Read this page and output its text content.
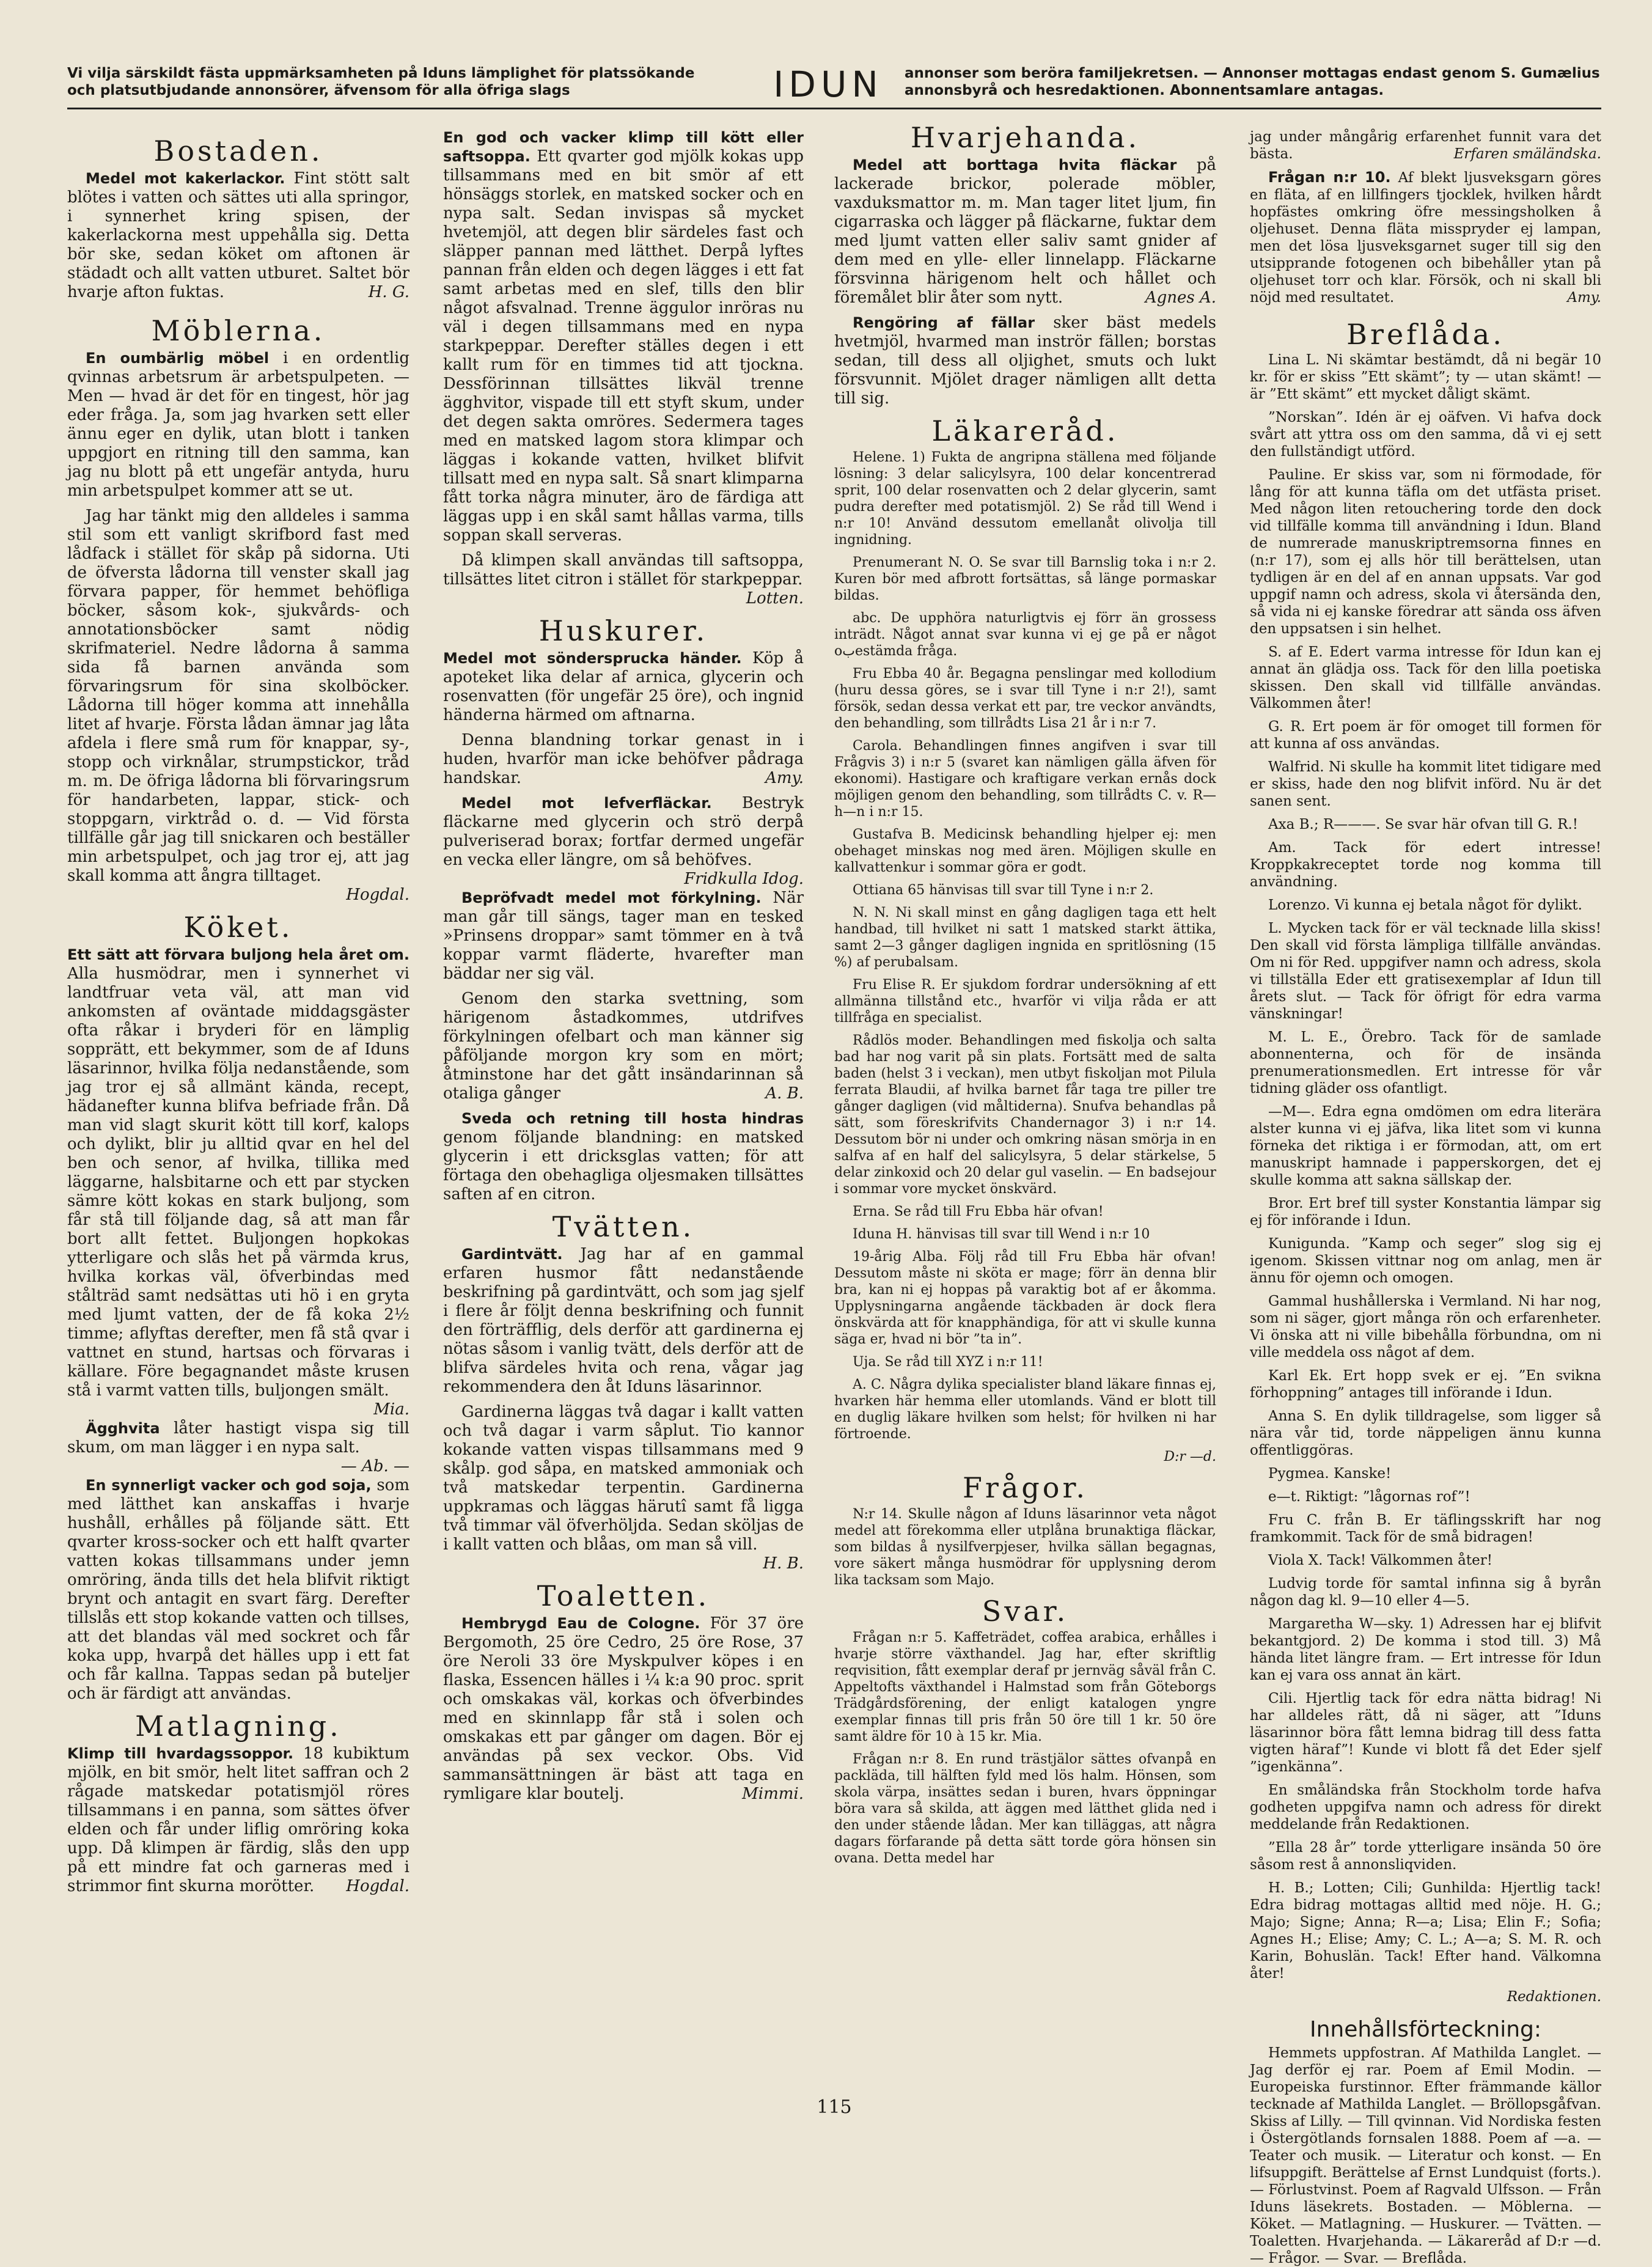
Vi vilja särskildt fästa uppmärksamheten på Iduns lämplighet för platssökande och platsutbjudande annonsörer, äfvensom för alla öfriga slags	IDUN	annonser som beröra familjekretsen. — Annonser mottagas endast genom S. Gumælius annonsbyrå och hesredaktionen. Abonnentsamlare antagas.
Bostaden.

Medel mot kakerlackor. Fint stött salt blötes i vatten och sättes uti alla springor, i synnerhet kring spisen, der kakerlackorna mest uppehålla sig. Detta bör ske, sedan köket om aftonen är städadt och allt vatten utburet. Saltet bör hvarje afton fuktas.	H. G.

Möblerna.

En oumbärlig möbel i en ordentlig qvinnas arbetsrum är arbetspulpeten. — Men — hvad är det för en tingest, hör jag eder fråga. Ja, som jag hvarken sett eller ännu eger en dylik, utan blott i tanken uppgjort en ritning till den samma, kan jag nu blott på ett ungefär antyda, huru min arbetspulpet kommer att se ut.

Jag har tänkt mig den alldeles i samma stil som ett vanligt skrifbord fast med lådfack i stället för skåp på sidorna. Uti de öfversta lådorna till venster skall jag förvara papper, för hemmet behöfliga böcker, såsom kok-, sjukvårds- och annotationsböcker samt nödig skrifmateriel. Nedre lådorna å samma sida få barnen använda som förvaringsrum för sina skolböcker. Lådorna till höger komma att innehålla litet af hvarje. Första lådan ämnar jag låta afdela i flere små rum för knappar, sy-, stopp och virknålar, strumpstickor, tråd m. m. De öfriga lådorna bli förvaringsrum för handarbeten, lappar, stick- och stoppgarn, virktråd o. d. — Vid första tillfälle går jag till snickaren och beställer min arbetspulpet, och jag tror ej, att jag skall komma att ångra tilltaget.
Hogdal.

Köket.

Ett sätt att förvara buljong hela året om. Alla husmödrar, men i synnerhet vi landtfruar veta väl, att man vid ankomsten af oväntade middagsgäster ofta råkar i bryderi för en lämplig sopprätt, ett bekymmer, som de af Iduns läsarinnor, hvilka följa nedanstående, som jag tror ej så allmänt kända, recept, hädanefter kunna blifva befriade från. Då man vid slagt skurit kött till korf, kalops och dylikt, blir ju alltid qvar en hel del ben och senor, af hvilka, tillika med läggarne, halsbitarne och ett par stycken sämre kött kokas en stark buljong, som får stå till följande dag, så att man får bort allt fettet. Buljongen hopkokas ytterligare och slås het på värmda krus, hvilka korkas väl, öfverbindas med stålträd samt nedsättas uti hö i en gryta med ljumt vatten, der de få koka 2½ timme; aflyftas derefter, men få stå qvar i vattnet en stund, hartsas och förvaras i källare. Före begagnandet måste krusen stå i varmt vatten tills, buljongen smält.
Mia.

Ägghvita låter hastigt vispa sig till skum, om man lägger i en nypa salt.
— Ab. —

En synnerligt vacker och god soja, som med lätthet kan anskaffas i hvarje hushåll, erhålles på följande sätt. Ett qvarter kross-socker och ett halft qvarter vatten kokas tillsammans under jemn omröring, ända tills det hela blifvit riktigt brynt och antagit en svart färg. Derefter tillslås ett stop kokande vatten och tillses, att det blandas väl med sockret och får koka upp, hvarpå det hälles upp i ett fat och får kallna. Tappas sedan på buteljer och är färdigt att användas.

Matlagning.

Klimp till hvardagssoppor. 18 kubiktum mjölk, en bit smör, helt litet saffran och 2 rågade matskedar potatismjöl röres tillsammans i en panna, som sättes öfver elden och får under liflig omröring koka upp. Då klimpen är färdig, slås den upp på ett mindre fat och garneras med i strimmor fint skurna morötter.	Hogdal.

En god och vacker klimp till kött eller saftsoppa. Ett qvarter god mjölk kokas upp tillsammans med en bit smör af ett hönsäggs storlek, en matsked socker och en nypa salt. Sedan invispas så mycket hvetemjöl, att degen blir särdeles fast och släpper pannan med lätthet. Derpå lyftes pannan från elden och degen lägges i ett fat samt arbetas med en slef, tills den blir något afsvalnad. Trenne äggulor inröras nu väl i degen tillsammans med en nypa starkpeppar. Derefter ställes degen i ett kallt rum för en timmes tid att tjockna. Dessförinnan tillsättes likväl trenne ägghvitor, vispade till ett styft skum, under det degen sakta omröres. Sedermera tages med en matsked lagom stora klimpar och läggas i kokande vatten, hvilket blifvit tillsatt med en nypa salt. Så snart klimparna fått torka några minuter, äro de färdiga att läggas upp i en skål samt hållas varma, tills soppan skall serveras.

Då klimpen skall användas till saftsoppa, tillsättes litet citron i stället för starkpeppar.
Lotten.

Huskurer.

Medel mot söndersprucka händer. Köp å apoteket lika delar af arnica, glycerin och rosenvatten (för ungefär 25 öre), och ingnid händerna härmed om aftnarna.

Denna blandning torkar genast in i huden, hvarför man icke behöfver pådraga handskar.	Amy.

Medel mot lefverfläckar. Bestryk fläckarne med glycerin och strö derpå pulveriserad borax; fortfar dermed ungefär en vecka eller längre, om så behöfves.
Fridkulla Idog.

Bepröfvadt medel mot förkylning. När man går till sängs, tager man en tesked »Prinsens droppar» samt tömmer en à två koppar varmt fläderte, hvarefter man bäddar ner sig väl.

Genom den starka svettning, som härigenom åstadkommes, utdrifves förkylningen ofelbart och man känner sig påföljande morgon kry som en mört; åtminstone har det gått insändarinnan så otaliga gånger	A. B.

Sveda och retning till hosta hindras genom följande blandning: en matsked glycerin i ett dricksglas vatten; för att förtaga den obehagliga oljesmaken tillsättes saften af en citron.

Tvätten.

Gardintvätt. Jag har af en gammal erfaren husmor fått nedanstående beskrifning på gardintvätt, och som jag sjelf i flere år följt denna beskrifning och funnit den förträfflig, dels derför att gardinerna ej nötas såsom i vanlig tvätt, dels derför att de blifva särdeles hvita och rena, vågar jag rekommendera den åt Iduns läsarinnor.

Gardinerna läggas två dagar i kallt vatten och två dagar i varm såplut. Tio kannor kokande vatten vispas tillsammans med 9 skålp. god såpa, en matsked ammoniak och två matskedar terpentin. Gardinerna uppkramas och läggas härutî samt få ligga två timmar väl öfverhöljda. Sedan sköljas de i kallt vatten och blåas, om man så vill.
H. B.

Toaletten.

Hembrygd Eau de Cologne. För 37 öre Bergomoth, 25 öre Cedro, 25 öre Rose, 37 öre Neroli 33 öre Myskpulver köpes i en flaska, Essencen hälles i ¼ k:a 90 proc. sprit och omskakas väl, korkas och öfverbindes med en skinnlapp får stå i solen och omskakas ett par gånger om dagen. Bör ej användas på sex veckor. Obs. Vid sammansättningen är bäst att taga en rymligare klar boutelj.	Mimmi.

Hvarjehanda.

Medel att borttaga hvita fläckar på lackerade brickor, polerade möbler, vaxduksmattor m. m. Man tager litet ljum, fin cigarraska och lägger på fläckarne, fuktar dem med ljumt vatten eller saliv samt gnider af dem med en ylle- eller linnelapp. Fläckarne försvinna härigenom helt och hållet och föremålet blir åter som nytt.	Agnes A.

Rengöring af fällar sker bäst medels hvetmjöl, hvarmed man inströr fällen; borstas sedan, till dess all oljighet, smuts och lukt försvunnit. Mjölet drager nämligen allt detta till sig.

Läkareråd.

Helene. 1) Fukta de angripna ställena med följande lösning: 3 delar salicylsyra, 100 delar koncentrerad sprit, 100 delar rosenvatten och 2 delar glycerin, samt pudra derefter med potatismjöl. 2) Se råd till Wend i n:r 10! Använd dessutom emellanåt olivolja till ingnidning.

Prenumerant N. O. Se svar till Barnslig toka i n:r 2. Kuren bör med afbrott fortsättas, så länge pormaskar bildas.

abc. De upphöra naturligtvis ej förr än grossess inträdt. Något annat svar kunna vi ej ge på er något oبestämda fråga.

Fru Ebba 40 år. Begagna penslingar med kollodium (huru dessa göres, se i svar till Tyne i n:r 2!), samt försök, sedan dessa verkat ett par, tre veckor användts, den behandling, som tillrådts Lisa 21 år i n:r 7.

Carola. Behandlingen finnes angifven i svar till Frågvis 3) i n:r 5 (svaret kan nämligen gälla äfven för ekonomi). Hastigare och kraftigare verkan ernås dock möjligen genom den behandling, som tillrådts C. v. R—h—n i n:r 15.

Gustafva B. Medicinsk behandling hjelper ej: men obehaget minskas nog med ären. Möjligen skulle en kallvattenkur i sommar göra er godt.

Ottiana 65 hänvisas till svar till Tyne i n:r 2.

N. N. Ni skall minst en gång dagligen taga ett helt handbad, till hvilket ni satt 1 matsked starkt ättika, samt 2—3 gånger dagligen ingnida en spritlösning (15 %) af perubalsam.

Fru Elise R. Er sjukdom fordrar undersökning af ett allmänna tillstånd etc., hvarför vi vilja råda er att tillfråga en specialist.

Rådlös moder. Behandlingen med fiskolja och salta bad har nog varit på sin plats. Fortsätt med de salta baden (helst 3 i veckan), men utbyt fiskoljan mot Pilula ferrata Blaudii, af hvilka barnet får taga tre piller tre gånger dagligen (vid måltiderna). Snufva behandlas på sätt, som föreskrifvits Chandernagor 3) i n:r 14. Dessutom bör ni under och omkring näsan smörja in en salfva af en half del salicylsyra, 5 delar stärkelse, 5 delar zinkoxid och 20 delar gul vaselin. — En badsejour i sommar vore mycket önskvärd.

Erna. Se råd till Fru Ebba här ofvan!

Iduna H. hänvisas till svar till Wend i n:r 10

19-årig Alba. Följ råd till Fru Ebba här ofvan! Dessutom måste ni sköta er mage; förr än denna blir bra, kan ni ej hoppas på varaktig bot af er åkomma. Upplysningarna angående täckbaden är dock flera önskvärda att för knapphändiga, för att vi skulle kunna säga er, hvad ni bör ”ta in”.

Uja. Se råd till XYZ i n:r 11!

A. C. Några dylika specialister bland läkare finnas ej, hvarken här hemma eller utomlands. Vänd er blott till en duglig läkare hvilken som helst; för hvilken ni har förtroende.

D:r —d.
Frågor.

N:r 14. Skulle någon af Iduns läsarinnor veta något medel att förekomma eller utplåna brunaktiga fläckar, som bildas å nysilfverpjeser, hvilka sällan begagnas, vore säkert många husmödrar för upplysning derom lika tacksam som Majo.

Svar.

Frågan n:r 5. Kaffeträdet, coffea arabica, erhålles i hvarje större växthandel. Jag har, efter skriftlig reqvisition, fått exemplar deraf pr jernväg såväl från C. Appeltofts växthandel i Halmstad som från Göteborgs Trädgårdsförening, der enligt katalogen yngre exemplar finnas till pris från 50 öre till 1 kr. 50 öre samt äldre för 10 à 15 kr. Mia.

Frågan n:r 8. En rund trästjälor sättes ofvanpå en packläda, till hälften fyld med lös halm. Hönsen, som skola värpa, insättes sedan i buren, hvars öppningar böra vara så skilda, att äggen med lätthet glida ned i den under stående lådan. Mer kan tilläggas, att några dagars förfarande på detta sätt torde göra hönsen sin ovana. Detta medel har

jag under mångårig erfarenhet funnit vara det bästa.	Erfaren smäländska.

Frågan n:r 10. Af blekt ljusveksgarn göres en fläta, af en lillfingers tjocklek, hvilken hårdt hopfästes omkring öfre messingsholken å oljehuset. Denna fläta misspryder ej lampan, men det lösa ljusveksgarnet suger till sig den utsipprande fotogenen och bibehåller ytan på oljehuset torr och klar. Försök, och ni skall bli nöjd med resultatet.	Amy.

Breflåda.

Lina L. Ni skämtar bestämdt, då ni begär 10 kr. för er skiss ”Ett skämt”; ty — utan skämt! — är ”Ett skämt” ett mycket dåligt skämt.

”Norskan”. Idén är ej oäfven. Vi hafva dock svårt att yttra oss om den samma, då vi ej sett den fullständigt utförd.

Pauline. Er skiss var, som ni förmodade, för lång för att kunna täfla om det utfästa priset. Med någon liten retouchering torde den dock vid tillfälle komma till användning i Idun. Bland de numrerade manuskriptremsorna finnes en (n:r 17), som ej alls hör till berättelsen, utan tydligen är en del af en annan uppsats. Var god uppgif namn och adress, skola vi återsända den, så vida ni ej kanske föredrar att sända oss äfven den uppsatsen i sin helhet.

S. af E. Edert varma intresse för Idun kan ej annat än glädja oss. Tack för den lilla poetiska skissen. Den skall vid tillfälle användas. Välkommen åter!

G. R. Ert poem är för omoget till formen för att kunna af oss användas.

Walfrid. Ni skulle ha kommit litet tidigare med er skiss, hade den nog blifvit införd. Nu är det sanen sent.

Axa B.; R———. Se svar här ofvan till G. R.!

Am. Tack för edert intresse! Kroppkakreceptet torde nog komma till användning.

Lorenzo. Vi kunna ej betala något för dylikt.

L. Mycken tack för er väl tecknade lilla skiss! Den skall vid första lämpliga tillfälle användas. Om ni för Red. uppgifver namn och adress, skola vi tillställa Eder ett gratisexemplar af Idun till årets slut. — Tack för öfrigt för edra varma vänskningar!

M. L. E., Örebro. Tack för de samlade abonnenterna, och för de insända prenumerationsmedlen. Ert intresse för vår tidning gläder oss ofantligt.

—M—. Edra egna omdömen om edra literära alster kunna vi ej jäfva, lika litet som vi kunna förneka det riktiga i er förmodan, att, om ert manuskript hamnade i papperskorgen, det ej skulle komma att sakna sällskap der.

Bror. Ert bref till syster Konstantia lämpar sig ej för införande i Idun.

Kunigunda. ”Kamp och seger” slog sig ej igenom. Skissen vittnar nog om anlag, men är ännu för ojemn och omogen.

Gammal hushållerska i Vermland. Ni har nog, som ni säger, gjort många rön och erfarenheter. Vi önska att ni ville bibehålla förbundna, om ni ville meddela oss något af dem.

Karl Ek. Ert hopp svek er ej. ”En svikna förhoppning” antages till införande i Idun.

Anna S. En dylik tilldragelse, som ligger så nära vår tid, torde näppeligen ännu kunna offentliggöras.

Pygmea. Kanske!

e—t. Riktigt: ”lågornas rof”!

Fru C. från B. Er täflingsskrift har nog framkommit. Tack för de små bidragen!

Viola X. Tack! Välkommen åter!

Ludvig torde för samtal infinna sig å byrån någon dag kl. 9—10 eller 4—5.

Margaretha W—sky. 1) Adressen har ej blifvit bekantgjord. 2) De komma i stod till. 3) Må hända litet längre fram. — Ert intresse för Idun kan ej vara oss annat än kärt.

Cili. Hjertlig tack för edra nätta bidrag! Ni har alldeles rätt, då ni säger, att ”Iduns läsarinnor böra fått lemna bidrag till dess fatta vigten häraf”! Kunde vi blott få det Eder sjelf ”igenkänna”.

En småländska från Stockholm torde hafva godheten uppgifva namn och adress för direkt meddelande från Redaktionen.

”Ella 28 år” torde ytterligare insända 50 öre såsom rest å annonsliqviden.

H. B.; Lotten; Cili; Gunhilda: Hjertlig tack! Edra bidrag mottagas alltid med nöje. H. G.; Majo; Signe; Anna; R—a; Lisa; Elin F.; Sofia; Agnes H.; Elise; Amy; C. L.; A—a; S. M. R. och Karin, Bohuslän. Tack! Efter hand. Välkomna åter!

Redaktionen.
Innehållsförteckning:

Hemmets uppfostran. Af Mathilda Langlet. — Jag derför ej rar. Poem af Emil Modin. — Europeiska furstinnor. Efter främmande källor tecknade af Mathilda Langlet. — Bröllopsgåfvan. Skiss af Lilly. — Till qvinnan. Vid Nordiska festen i Östergötlands fornsalen 1888. Poem af —a. — Teater och musik. — Literatur och konst. — En lifsuppgift. Berättelse af Ernst Lundquist (forts.). — Förlustvinst. Poem af Ragvald Ulfsson. — Från Iduns läsekrets. Bostaden. — Möblerna. — Köket. — Matlagning. — Huskurer. — Tvätten. — Toaletten. Hvarjehanda. — Läkareråd af D:r —d. — Frågor. — Svar. — Breflåda.

115
